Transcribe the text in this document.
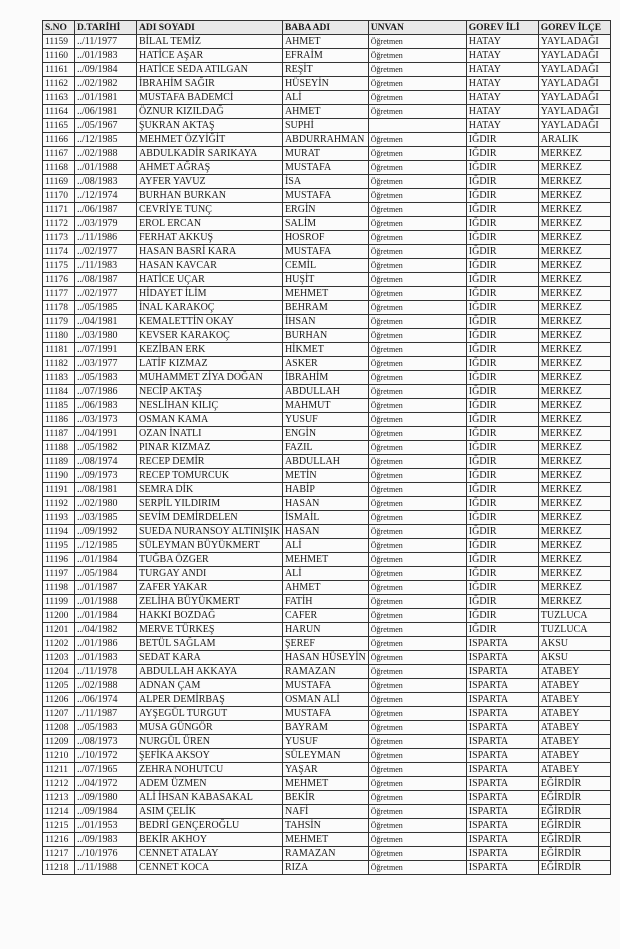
S.NO	D.TARİHİ	ADI SOYADI	BABA ADI	UNVAN	GOREV İLİ	GOREV İLÇE
11159	../11/1977	BİLAL TEMİZ	AHMET	Öğretmen	HATAY	YAYLADAĞI
11160	../01/1983	HATİCE AŞAR	EFRAİM	Öğretmen	HATAY	YAYLADAĞI
11161	../09/1984	HATİCE SEDA ATILGAN	REŞİT	Öğretmen	HATAY	YAYLADAĞI
11162	../02/1982	İBRAHİM SAĞIR	HÜSEYİN	Öğretmen	HATAY	YAYLADAĞI
11163	../01/1981	MUSTAFA BADEMCİ	ALİ	Öğretmen	HATAY	YAYLADAĞI
11164	../06/1981	ÖZNUR KIZILDAĞ	AHMET	Öğretmen	HATAY	YAYLADAĞI
11165	../05/1967	ŞUKRAN AKTAŞ	SUPHİ		HATAY	YAYLADAĞI
11166	../12/1985	MEHMET ÖZYİĞİT	ABDURRAHMAN	Öğretmen	IĞDIR	ARALIK
11167	../02/1988	ABDULKADİR SARIKAYA	MURAT	Öğretmen	IĞDIR	MERKEZ
11168	../01/1988	AHMET AĞRAŞ	MUSTAFA	Öğretmen	IĞDIR	MERKEZ
11169	../08/1983	AYFER YAVUZ	İSA	Öğretmen	IĞDIR	MERKEZ
11170	../12/1974	BURHAN BURKAN	MUSTAFA	Öğretmen	IĞDIR	MERKEZ
11171	../06/1987	CEVRİYE TUNÇ	ERGİN	Öğretmen	IĞDIR	MERKEZ
11172	../03/1979	EROL ERCAN	SALİM	Öğretmen	IĞDIR	MERKEZ
11173	../11/1986	FERHAT AKKUŞ	HOSROF	Öğretmen	IĞDIR	MERKEZ
11174	../02/1977	HASAN BASRİ KARA	MUSTAFA	Öğretmen	IĞDIR	MERKEZ
11175	../11/1983	HASAN KAVCAR	CEMİL	Öğretmen	IĞDIR	MERKEZ
11176	../08/1987	HATİCE UÇAR	HUŞİT	Öğretmen	IĞDIR	MERKEZ
11177	../02/1977	HİDAYET İLİM	MEHMET	Öğretmen	IĞDIR	MERKEZ
11178	../05/1985	İNAL KARAKOÇ	BEHRAM	Öğretmen	IĞDIR	MERKEZ
11179	../04/1981	KEMALETTİN OKAY	İHSAN	Öğretmen	IĞDIR	MERKEZ
11180	../03/1980	KEVSER KARAKOÇ	BURHAN	Öğretmen	IĞDIR	MERKEZ
11181	../07/1991	KEZİBAN ERK	HİKMET	Öğretmen	IĞDIR	MERKEZ
11182	../03/1977	LATİF KIZMAZ	ASKER	Öğretmen	IĞDIR	MERKEZ
11183	../05/1983	MUHAMMET ZİYA DOĞAN	İBRAHİM	Öğretmen	IĞDIR	MERKEZ
11184	../07/1986	NECİP AKTAŞ	ABDULLAH	Öğretmen	IĞDIR	MERKEZ
11185	../06/1983	NESLİHAN KILIÇ	MAHMUT	Öğretmen	IĞDIR	MERKEZ
11186	../03/1973	OSMAN KAMA	YUSUF	Öğretmen	IĞDIR	MERKEZ
11187	../04/1991	OZAN İNATLI	ENGİN	Öğretmen	IĞDIR	MERKEZ
11188	../05/1982	PINAR KIZMAZ	FAZIL	Öğretmen	IĞDIR	MERKEZ
11189	../08/1974	RECEP DEMİR	ABDULLAH	Öğretmen	IĞDIR	MERKEZ
11190	../09/1973	RECEP TOMURCUK	METİN	Öğretmen	IĞDIR	MERKEZ
11191	../08/1981	SEMRA DİK	HABİP	Öğretmen	IĞDIR	MERKEZ
11192	../02/1980	SERPİL YILDIRIM	HASAN	Öğretmen	IĞDIR	MERKEZ
11193	../03/1985	SEVİM DEMİRDELEN	İSMAİL	Öğretmen	IĞDIR	MERKEZ
11194	../09/1992	SUEDA NURANSOY ALTINIŞIK	HASAN	Öğretmen	IĞDIR	MERKEZ
11195	../12/1985	SÜLEYMAN BÜYÜKMERT	ALİ	Öğretmen	IĞDIR	MERKEZ
11196	../01/1984	TUĞBA ÖZGER	MEHMET	Öğretmen	IĞDIR	MERKEZ
11197	../05/1984	TURGAY ANDI	ALİ	Öğretmen	IĞDIR	MERKEZ
11198	../01/1987	ZAFER YAKAR	AHMET	Öğretmen	IĞDIR	MERKEZ
11199	../01/1988	ZELİHA BÜYÜKMERT	FATİH	Öğretmen	IĞDIR	MERKEZ
11200	../01/1984	HAKKI BOZDAĞ	CAFER	Öğretmen	IĞDIR	TUZLUCA
11201	../04/1982	MERVE TÜRKEŞ	HARUN	Öğretmen	IĞDIR	TUZLUCA
11202	../01/1986	BETÜL SAĞLAM	ŞEREF	Öğretmen	ISPARTA	AKSU
11203	../01/1983	SEDAT KARA	HASAN HÜSEYİN	Öğretmen	ISPARTA	AKSU
11204	../11/1978	ABDULLAH AKKAYA	RAMAZAN	Öğretmen	ISPARTA	ATABEY
11205	../02/1988	ADNAN ÇAM	MUSTAFA	Öğretmen	ISPARTA	ATABEY
11206	../06/1974	ALPER DEMİRBAŞ	OSMAN ALİ	Öğretmen	ISPARTA	ATABEY
11207	../11/1987	AYŞEGÜL TURGUT	MUSTAFA	Öğretmen	ISPARTA	ATABEY
11208	../05/1983	MUSA GÜNGÖR	BAYRAM	Öğretmen	ISPARTA	ATABEY
11209	../08/1973	NURGÜL ÜREN	YUSUF	Öğretmen	ISPARTA	ATABEY
11210	../10/1972	ŞEFİKA AKSOY	SÜLEYMAN	Öğretmen	ISPARTA	ATABEY
11211	../07/1965	ZEHRA NOHUTCU	YAŞAR	Öğretmen	ISPARTA	ATABEY
11212	../04/1972	ADEM ÜZMEN	MEHMET	Öğretmen	ISPARTA	EĞİRDİR
11213	../09/1980	ALİ İHSAN KABASAKAL	BEKİR	Öğretmen	ISPARTA	EĞİRDİR
11214	../09/1984	ASIM ÇELİK	NAFİ	Öğretmen	ISPARTA	EĞİRDİR
11215	../01/1953	BEDRİ GENÇEROĞLU	TAHSİN	Öğretmen	ISPARTA	EĞİRDİR
11216	../09/1983	BEKİR AKHOY	MEHMET	Öğretmen	ISPARTA	EĞİRDİR
11217	../10/1976	CENNET ATALAY	RAMAZAN	Öğretmen	ISPARTA	EĞİRDİR
11218	../11/1988	CENNET KOCA	RIZA	Öğretmen	ISPARTA	EĞİRDİR
